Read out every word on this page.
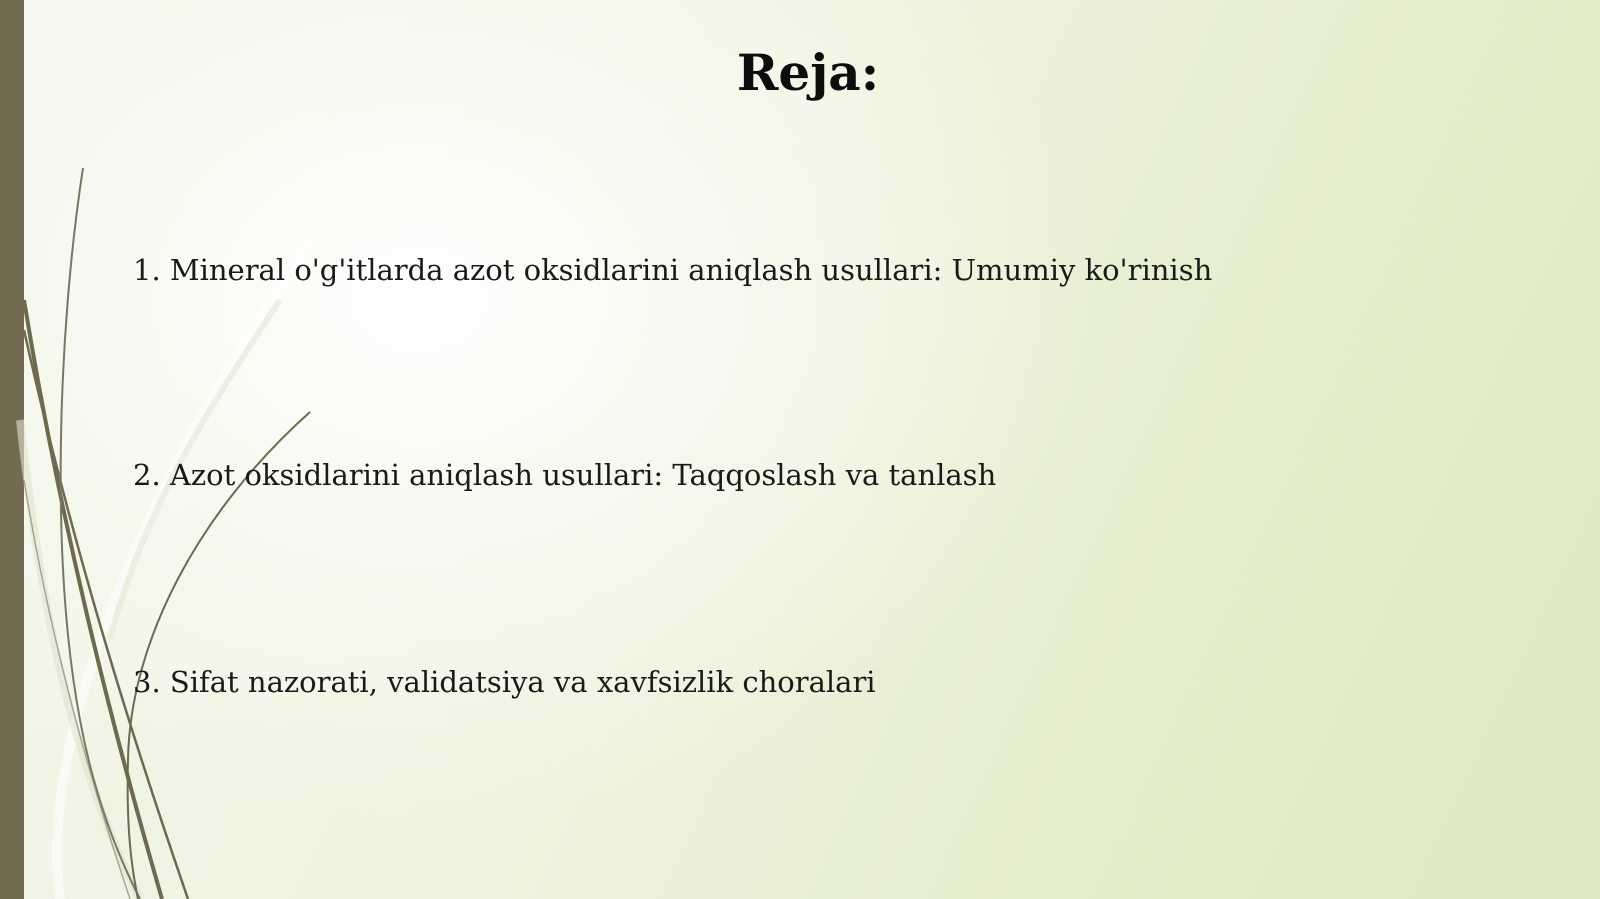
Reja:
1. Mineral o'g'itlarda azot oksidlarini aniqlash usullari: Umumiy ko'rinish
2. Azot oksidlarini aniqlash usullari: Taqqoslash va tanlash
3. Sifat nazorati, validatsiya va xavfsizlik choralari
